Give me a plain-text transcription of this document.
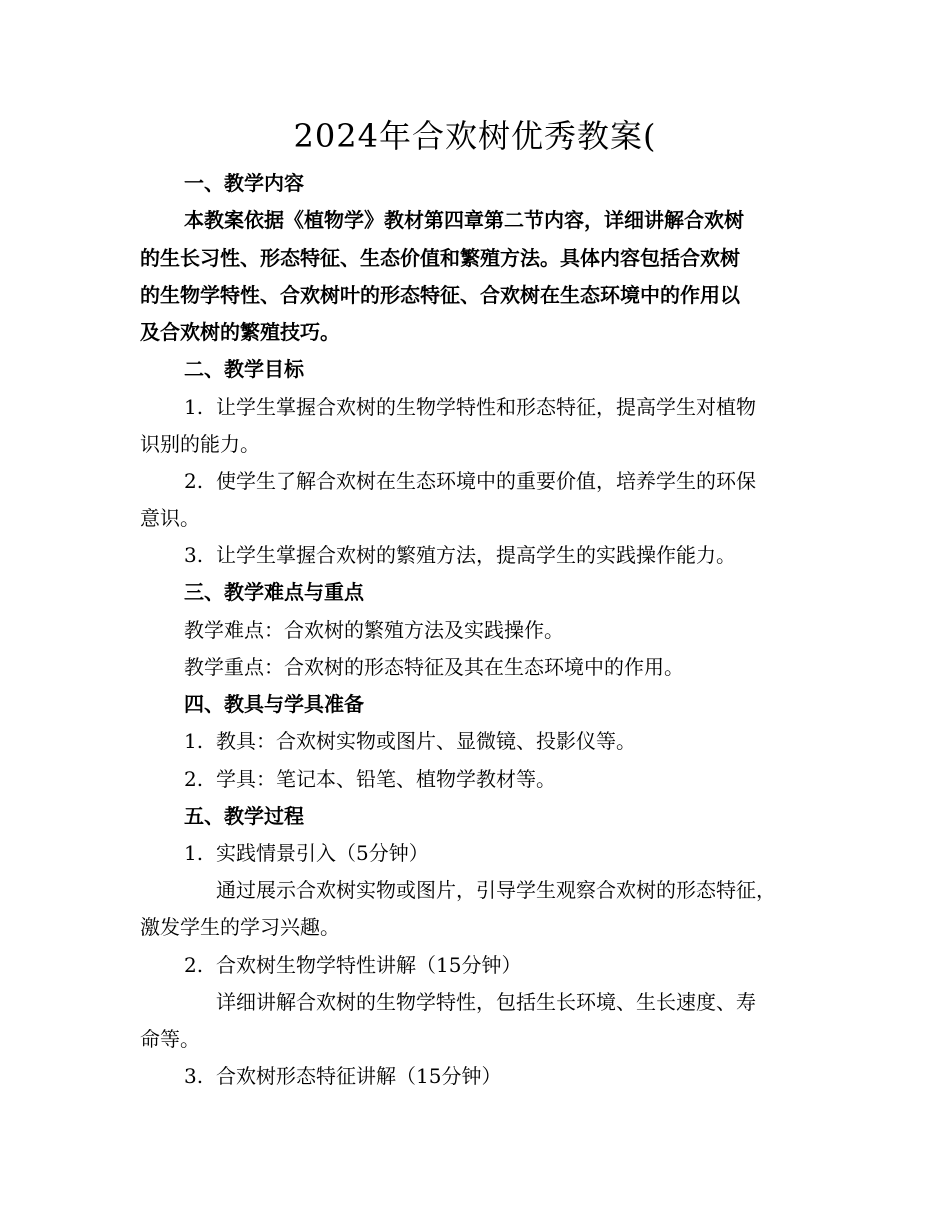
2024年合欢树优秀教案(
一、教学内容
本教案依据《植物学》教材第四章第二节内容，详细讲解合欢树
的生长习性、形态特征、生态价值和繁殖方法。具体内容包括合欢树
的生物学特性、合欢树叶的形态特征、合欢树在生态环境中的作用以
及合欢树的繁殖技巧。
二、教学目标
1. 让学生掌握合欢树的生物学特性和形态特征，提高学生对植物
识别的能力。
2. 使学生了解合欢树在生态环境中的重要价值，培养学生的环保
意识。
3. 让学生掌握合欢树的繁殖方法，提高学生的实践操作能力。
三、教学难点与重点
教学难点：合欢树的繁殖方法及实践操作。
教学重点：合欢树的形态特征及其在生态环境中的作用。
四、教具与学具准备
1. 教具：合欢树实物或图片、显微镜、投影仪等。
2. 学具：笔记本、铅笔、植物学教材等。
五、教学过程
1. 实践情景引入（5分钟）
通过展示合欢树实物或图片，引导学生观察合欢树的形态特征，
激发学生的学习兴趣。
2. 合欢树生物学特性讲解（15分钟）
详细讲解合欢树的生物学特性，包括生长环境、生长速度、寿
命等。
3. 合欢树形态特征讲解（15分钟）
